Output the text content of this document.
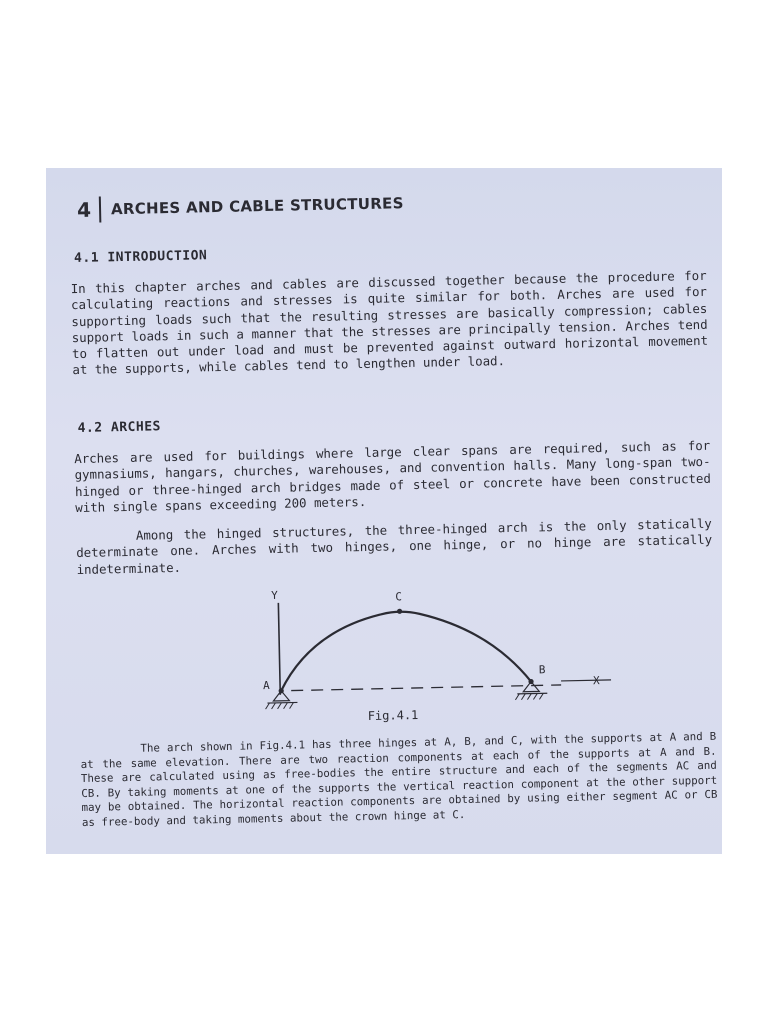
4 ARCHES AND CABLE STRUCTURES
4.1 INTRODUCTION

In this chapter arches and cables are discussed together because the procedure for calculating reactions and stresses is quite similar for both. Arches are used for supporting loads such that the resulting stresses are basically compression; cables support loads in such a manner that the stresses are principally tension. Arches tend to flatten out under load and must be prevented against outward horizontal movement at the supports, while cables tend to lengthen under load.

4.2 ARCHES

Arches are used for buildings where large clear spans are required, such as for gymnasiums, hangars, churches, warehouses, and convention halls. Many long-span two-hinged or three-hinged arch bridges made of steel or concrete have been constructed with single spans exceeding 200 meters.

Among the hinged structures, the three-hinged arch is the only statically determinate one. Arches with two hinges, one hinge, or no hinge are statically indeterminate.

Y
X
C
A
B
Fig.4.1

The arch shown in Fig.4.1 has three hinges at A, B, and C, with the supports at A and B at the same elevation. There are two reaction components at each of the supports at A and B. These are calculated using as free-bodies the entire structure and each of the segments AC and CB. By taking moments at one of the supports the vertical reaction component at the other support may be obtained. The horizontal reaction components are obtained by using either segment AC or CB as free-body and taking moments about the crown hinge at C.
